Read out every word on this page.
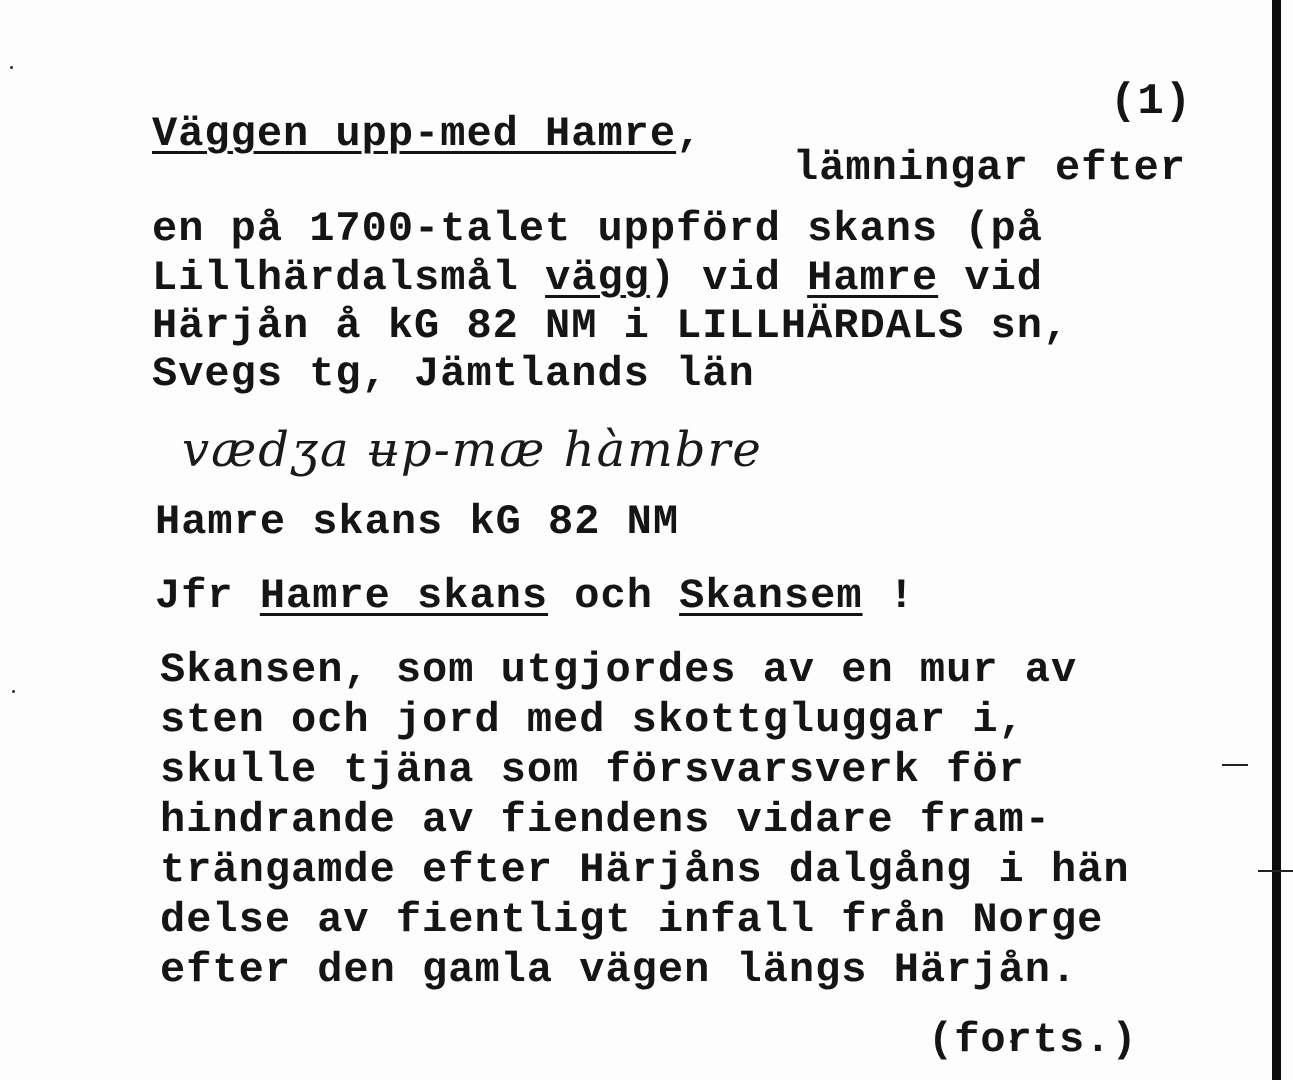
(1)
Väggen upp-med Hamre,
lämningar efter
en på 1700-talet uppförd skans (på
Lillhärdalsmål vägg) vid Hamre vid
Härjån å kG 82 NM i LILLHÄRDALS sn,
Svegs tg, Jämtlands län
vædʒa ʉp-mæ hàmbre
Hamre skans kG 82 NM
Jfr Hamre skans och Skansem !
Skansen, som utgjordes av en mur av
sten och jord med skottgluggar i,
skulle tjäna som försvarsverk för
hindrande av fiendens vidare fram-
trängamde efter Härjåns dalgång i hän
delse av fientligt infall från Norge
efter den gamla vägen längs Härjån.
(forts.)
